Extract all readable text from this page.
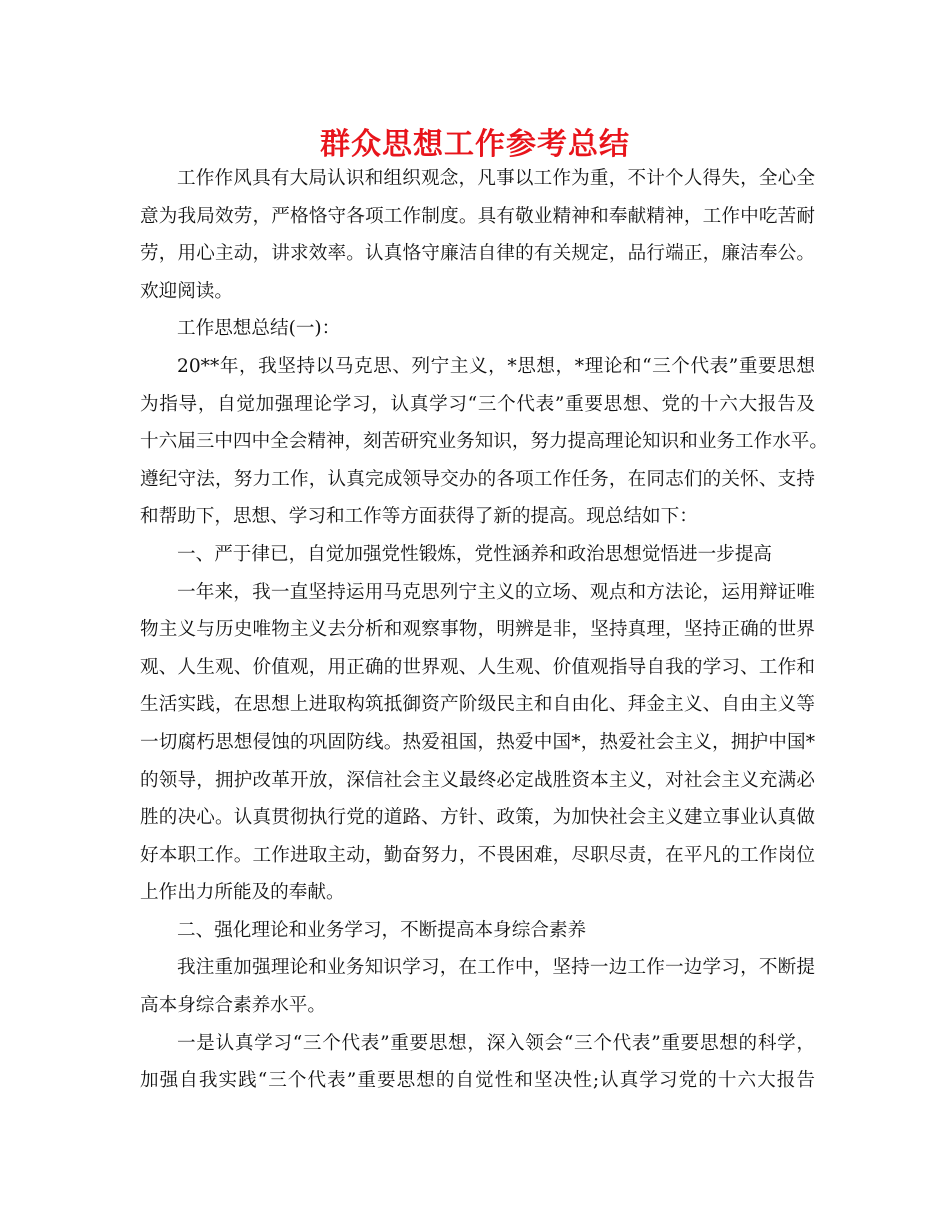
群众思想工作参考总结
工作作风具有大局认识和组织观念，凡事以工作为重，不计个人得失，全心全
意为我局效劳，严格恪守各项工作制度。具有敬业精神和奉献精神，工作中吃苦耐
劳，用心主动，讲求效率。认真恪守廉洁自律的有关规定，品行端正，廉洁奉公。
欢迎阅读。
工作思想总结(一)：
20**年，我坚持以马克思、列宁主义，*思想，*理论和“三个代表”重要思想
为指导，自觉加强理论学习，认真学习“三个代表”重要思想、党的十六大报告及
十六届三中四中全会精神，刻苦研究业务知识，努力提高理论知识和业务工作水平。
遵纪守法，努力工作，认真完成领导交办的各项工作任务，在同志们的关怀、支持
和帮助下，思想、学习和工作等方面获得了新的提高。现总结如下：
一、严于律已，自觉加强党性锻炼，党性涵养和政治思想觉悟进一步提高
一年来，我一直坚持运用马克思列宁主义的立场、观点和方法论，运用辩证唯
物主义与历史唯物主义去分析和观察事物，明辨是非，坚持真理，坚持正确的世界
观、人生观、价值观，用正确的世界观、人生观、价值观指导自我的学习、工作和
生活实践，在思想上进取构筑抵御资产阶级民主和自由化、拜金主义、自由主义等
一切腐朽思想侵蚀的巩固防线。热爱祖国，热爱中国*，热爱社会主义，拥护中国*
的领导，拥护改革开放，深信社会主义最终必定战胜资本主义，对社会主义充满必
胜的决心。认真贯彻执行党的道路、方针、政策，为加快社会主义建立事业认真做
好本职工作。工作进取主动，勤奋努力，不畏困难，尽职尽责，在平凡的工作岗位
上作出力所能及的奉献。
二、强化理论和业务学习，不断提高本身综合素养
我注重加强理论和业务知识学习，在工作中，坚持一边工作一边学习，不断提
高本身综合素养水平。
一是认真学习“三个代表”重要思想，深入领会“三个代表”重要思想的科学，
加强自我实践“三个代表”重要思想的自觉性和坚决性;认真学习党的十六大报告
